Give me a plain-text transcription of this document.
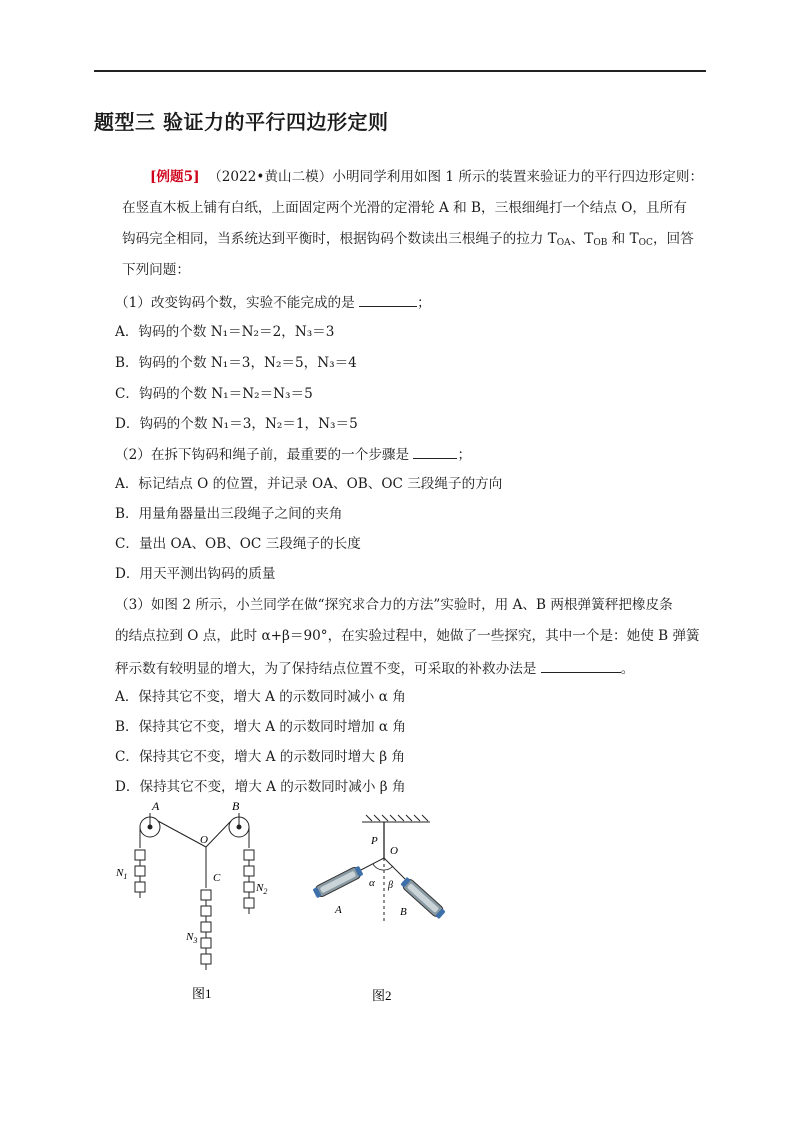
题型三 验证力的平行四边形定则
[例题5] （2022•黄山二模）小明同学利用如图 1 所示的装置来验证力的平行四边形定则：
在竖直木板上铺有白纸，上面固定两个光滑的定滑轮 A 和 B，三根细绳打一个结点 O，且所有
钩码完全相同，当系统达到平衡时，根据钩码个数读出三根绳子的拉力 $T_{OA}$、$T_{OB}$ 和 $T_{OC}$，回答
下列问题：
（1）改变钩码个数，实验不能完成的是	；
A．钩码的个数 N₁＝N₂＝2，N₃＝3
B．钩码的个数 N₁＝3，N₂＝5，N₃＝4
C．钩码的个数 N₁＝N₂＝N₃＝5
D．钩码的个数 N₁＝3，N₂＝1，N₃＝5
（2）在拆下钩码和绳子前，最重要的一个步骤是	；
A．标记结点 O 的位置，并记录 OA、OB、OC 三段绳子的方向
B．用量角器量出三段绳子之间的夹角
C．量出 OA、OB、OC 三段绳子的长度
D．用天平测出钩码的质量
（3）如图 2 所示，小兰同学在做“探究求合力的方法”实验时，用 A、B 两根弹簧秤把橡皮条
的结点拉到 O 点，此时 α+β＝90°，在实验过程中，她做了一些探究，其中一个是：她使 B 弹簧
秤示数有较明显的增大，为了保持结点位置不变，可采取的补救办法是	。
A．保持其它不变，增大 A 的示数同时减小 α 角
B．保持其它不变，增大 A 的示数同时增加 α 角
C．保持其它不变，增大 A 的示数同时增大 β 角
D．保持其它不变，增大 A 的示数同时减小 β 角
A	B
O
C
$N_1$
$N_2$
$N_3$
图1
P
O
α β
A	B
图2
